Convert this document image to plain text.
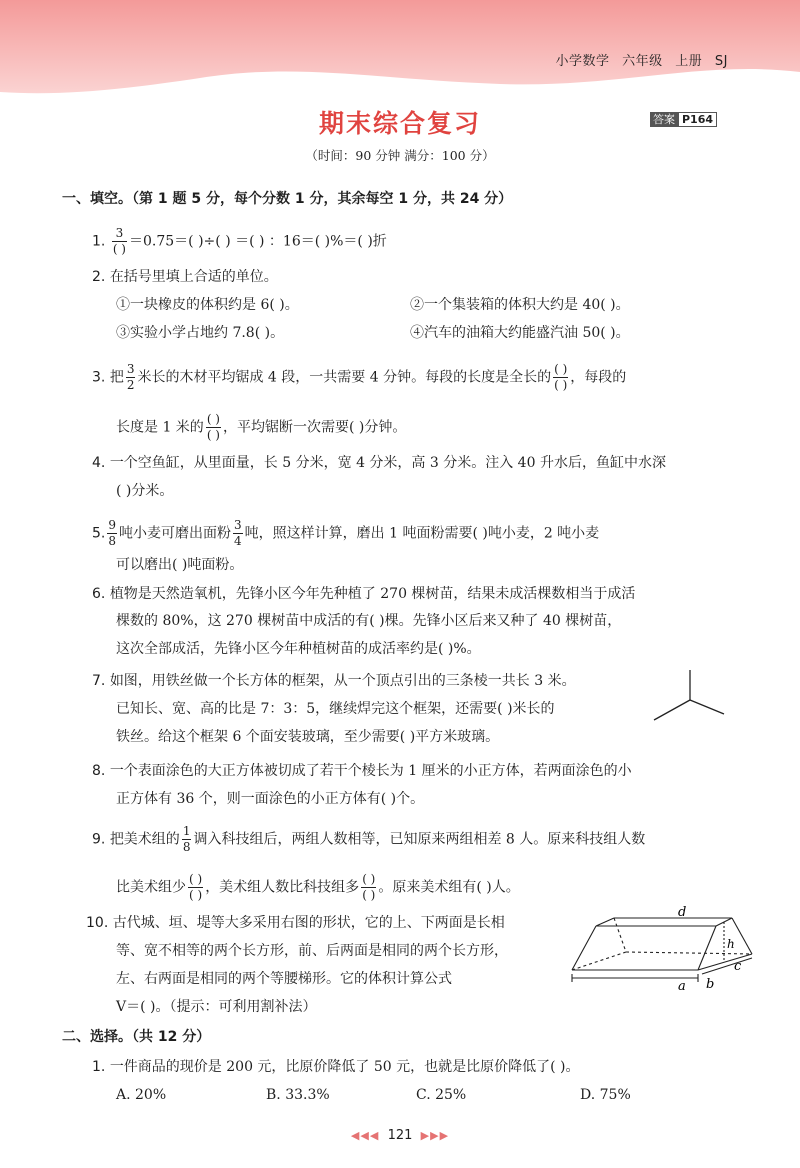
小学数学 六年级 上册 SJ
期末综合复习	答案 P164
（时间：90 分钟 满分：100 分）
一、填空。（第 1 题 5 分，每个分数 1 分，其余每空 1 分，共 24 分）
1.
3
( ) ＝0.75＝( )÷( ) ＝( ) ：16＝( )%＝( )折
2. 在括号里填上合适的单位。
①一块橡皮的体积约是 6( )。	②一个集装箱的体积大约是 40( )。
③实验小学占地约 7.8( )。	④汽车的油箱大约能盛汽油 50( )。
3. 把 $\frac{3}{2}$ 米长的木材平均锯成 4 段，一共需要 4 分钟。每段的长度是全长的
( )
( ) ，每段的
长度是 1 米的
( )
( ) ，平均锯断一次需要( )分钟。
4. 一个空鱼缸，从里面量，长 5 分米，宽 4 分米，高 3 分米。注入 40 升水后，鱼缸中水深
( )分米。
5. $\frac{9}{8}$ 吨小麦可磨出面粉 $\frac{3}{4}$ 吨，照这样计算，磨出 1 吨面粉需要( )吨小麦，2 吨小麦
可以磨出( )吨面粉。
6. 植物是天然造氧机，先锋小区今年先种植了 270 棵树苗，结果未成活棵数相当于成活
棵数的 80%，这 270 棵树苗中成活的有( )棵。先锋小区后来又种了 40 棵树苗，
这次全部成活，先锋小区今年种植树苗的成活率约是( )%。
7. 如图，用铁丝做一个长方体的框架，从一个顶点引出的三条棱一共长 3 米。
已知长、宽、高的比是 7：3：5，继续焊完这个框架，还需要( )米长的
铁丝。给这个框架 6 个面安装玻璃，至少需要( )平方米玻璃。
8. 一个表面涂色的大正方体被切成了若干个棱长为 1 厘米的小正方体，若两面涂色的小
正方体有 36 个，则一面涂色的小正方体有( )个。
9. 把美术组的 $\frac{1}{8}$ 调入科技组后，两组人数相等，已知原来两组相差 8 人。原来科技组人数
比美术组少
( )
( ) ，美术组人数比科技组多
( )
( ) 。原来美术组有( )人。
10. 古代城、垣、堤等大多采用右图的形状，它的上、下两面是长相
等、宽不相等的两个长方形，前、后两面是相同的两个长方形，
左、右两面是相同的两个等腰梯形。它的体积计算公式
V＝( )。（提示：可利用割补法）
a b
c
d
h
二、选择。（共 12 分）
1. 一件商品的现价是 200 元，比原价降低了 50 元，也就是比原价降低了( )。
A. 20%	B. 33.3%	C. 25%	D. 75%
◀◀◀ 121 ▶▶▶
